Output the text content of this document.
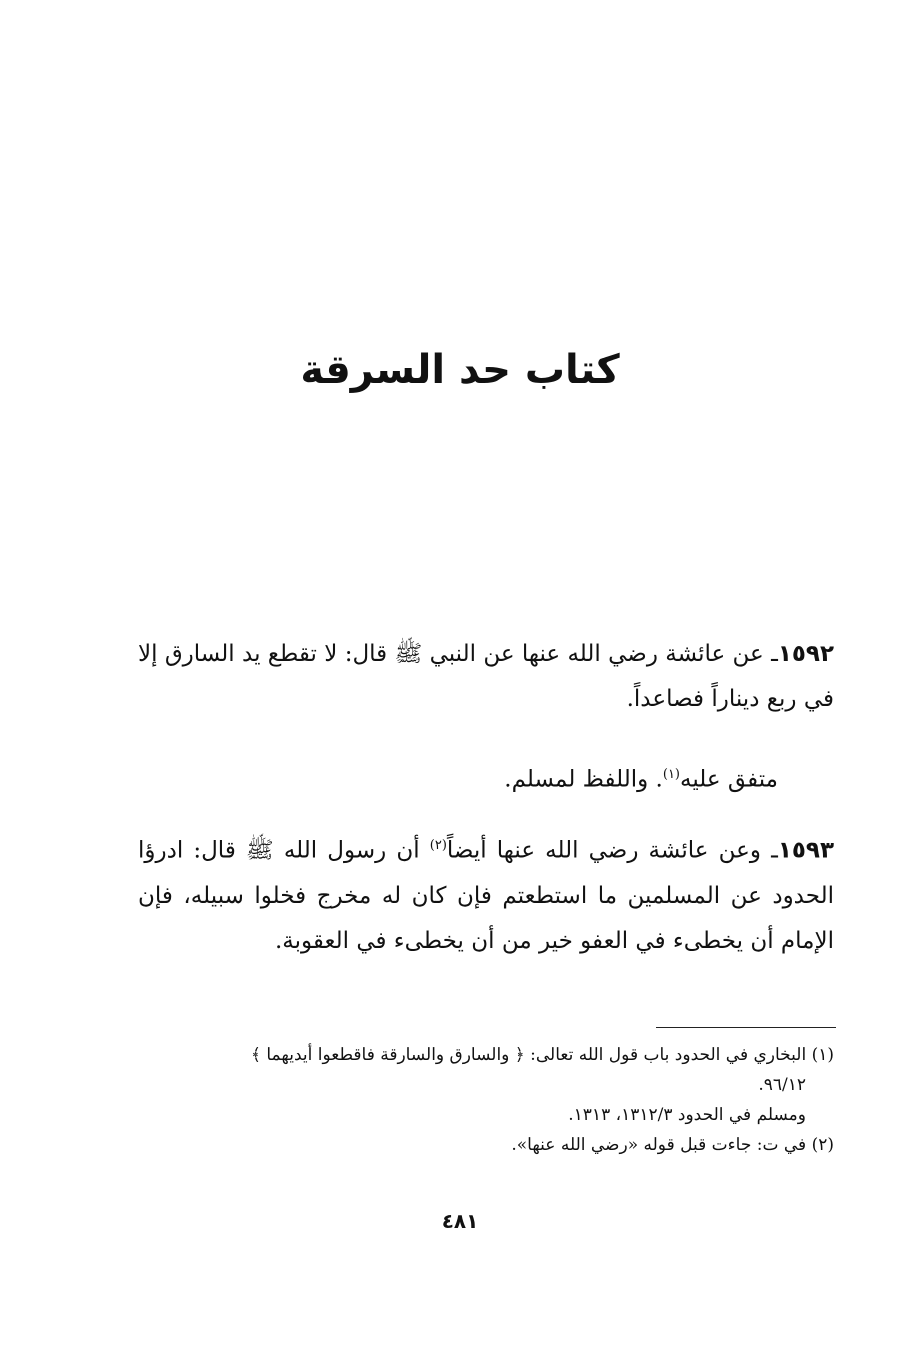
كتاب حد السرقة
١٥٩٢ـ عن عائشة رضي الله عنها عن النبي ﷺ قال: لا تقطع يد السارق إلا في ربع ديناراً فصاعداً.
متفق عليه$^{(١)}$. واللفظ لمسلم.
١٥٩٣ـ وعن عائشة رضي الله عنها أيضاً$^{(٢)}$ أن رسول الله ﷺ قال: ادرؤا الحدود عن المسلمين ما استطعتم فإن كان له مخرج فخلوا سبيله، فإن الإمام أن يخطىء في العفو خير من أن يخطىء في العقوبة.
(١) البخاري في الحدود باب قول الله تعالى: ﴿ والسارق والسارقة فاقطعوا أيديهما ﴾
٩٦/١٢.
ومسلم في الحدود ١٣١٢/٣، ١٣١٣.
(٢) في ت: جاءت قبل قوله «رضي الله عنها».
٤٨١
